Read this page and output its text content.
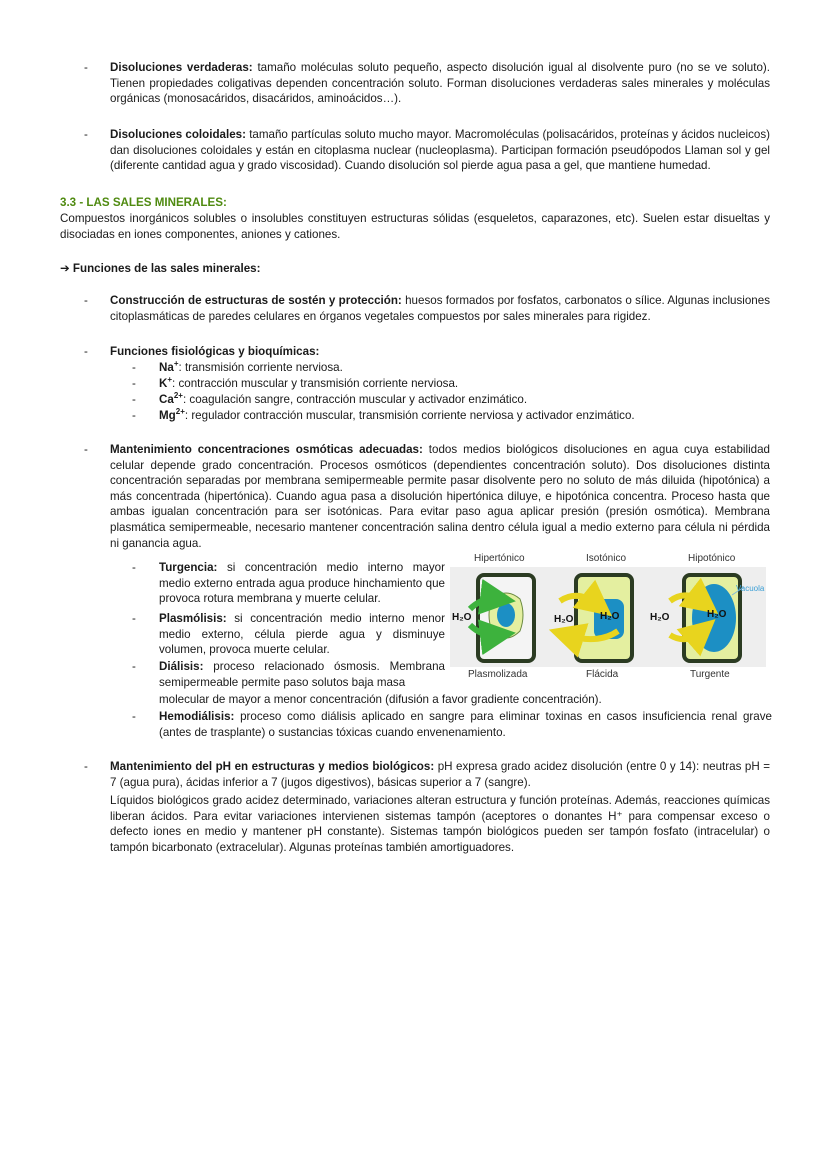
-	Disoluciones verdaderas: tamaño moléculas soluto pequeño, aspecto disolución igual al disolvente puro (no se ve soluto). Tienen propiedades coligativas dependen concentración soluto. Forman disoluciones verdaderas sales minerales y moléculas orgánicas (monosacáridos, disacáridos, aminoácidos…).
-	Disoluciones coloidales: tamaño partículas soluto mucho mayor. Macromoléculas (polisacáridos, proteínas y ácidos nucleicos) dan disoluciones coloidales y están en citoplasma nuclear (nucleoplasma). Participan formación pseudópodos Llaman sol y gel (diferente cantidad agua y grado viscosidad). Cuando disolución sol pierde agua pasa a gel, que mantiene humedad.
3.3 - LAS SALES MINERALES:
Compuestos inorgánicos solubles o insolubles constituyen estructuras sólidas (esqueletos, caparazones, etc). Suelen estar disueltas y disociadas en iones componentes, aniones y cationes.
➔ Funciones de las sales minerales:
-	Construcción de estructuras de sostén y protección: huesos formados por fosfatos, carbonatos o sílice. Algunas inclusiones citoplasmáticas de paredes celulares en órganos vegetales compuestos por sales minerales para rigidez.
-	Funciones fisiológicas y bioquímicas:
- Na+: transmisión corriente nerviosa.
- K+: contracción muscular y transmisión corriente nerviosa.
- $Ca^{2+}$: coagulación sangre, contracción muscular y activador enzimático.
- $Mg^{2+}$: regulador contracción muscular, transmisión corriente nerviosa y activador enzimático.
-	Mantenimiento concentraciones osmóticas adecuadas: todos medios biológicos disoluciones en agua cuya estabilidad celular depende grado concentración. Procesos osmóticos (dependientes concentración soluto). Dos disoluciones distinta concentración separadas por membrana semipermeable permite pasar disolvente pero no soluto de más diluida (hipotónica) a más concentrada (hipertónica). Cuando agua pasa a disolución hipertónica diluye, e hipotónica concentra. Proceso hasta que ambas igualan concentración para ser isotónicas. Para evitar paso agua aplicar presión (presión osmótica). Membrana plasmática semipermeable, necesario mantener concentración salina dentro célula igual a medio externo para célula ni pérdida ni ganancia agua.
- Turgencia: si concentración medio interno mayor medio externo entrada agua produce hinchamiento que provoca rotura membrana y muerte celular.
- Plasmólisis: si concentración medio interno menor medio externo, célula pierde agua y disminuye volumen, provoca muerte celular.
- Diálisis: proceso relacionado ósmosis. Membrana semipermeable permite paso solutos baja masa
molecular de mayor a menor concentración (difusión a favor gradiente concentración).
- Hemodiálisis: proceso como diálisis aplicado en sangre para eliminar toxinas en casos insuficiencia renal grave (antes de trasplante) o sustancias tóxicas cuando envenenamiento.
-	Mantenimiento del pH en estructuras y medios biológicos: pH expresa grado acidez disolución (entre 0 y 14): neutras pH = 7 (agua pura), ácidas inferior a 7 (jugos digestivos), básicas superior a 7 (sangre).
Líquidos biológicos grado acidez determinado, variaciones alteran estructura y función proteínas. Además, reacciones químicas liberan ácidos. Para evitar variaciones intervienen sistemas tampón (aceptores o donantes H⁺ para compensar exceso o defecto iones en medio y mantener pH constante). Sistemas tampón biológicos pueden ser tampón fosfato (intracelular) o tampón bicarbonato (extracelular). Algunas proteínas también amortiguadores.
Hipertónico	Isotónico	Hipotónico
H₂O	H₂O	H₂O	H₂O	H₂O
Vacuola
Plasmolizada	Flácida	Turgente
